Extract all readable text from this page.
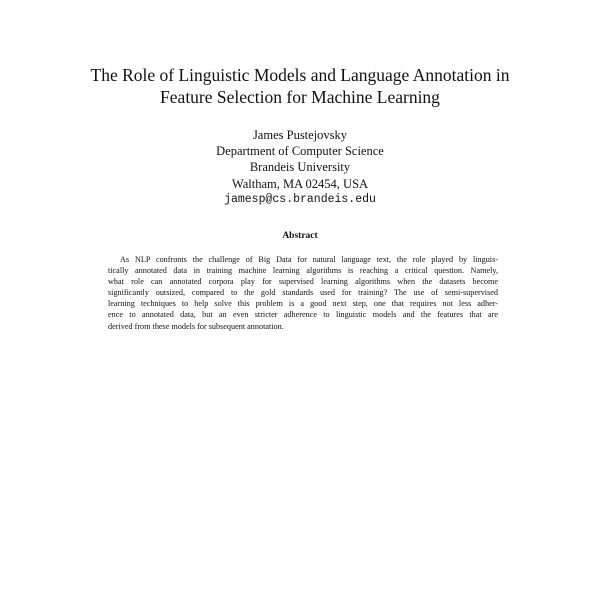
The Role of Linguistic Models and Language Annotation in
Feature Selection for Machine Learning
James Pustejovsky
Department of Computer Science
Brandeis University
Waltham, MA 02454, USA
jamesp@cs.brandeis.edu
Abstract
As NLP confronts the challenge of Big Data for natural language text, the role played by linguis-
tically annotated data in training machine learning algorithms is reaching a critical question. Namely,
what role can annotated corpora play for supervised learning algorithms when the datasets become
significantly outsized, compared to the gold standards used for training? The use of semi-supervised
learning techniques to help solve this problem is a good next step, one that requires not less adher-
ence to annotated data, but an even stricter adherence to linguistic models and the features that are
derived from these models for subsequent annotation.
